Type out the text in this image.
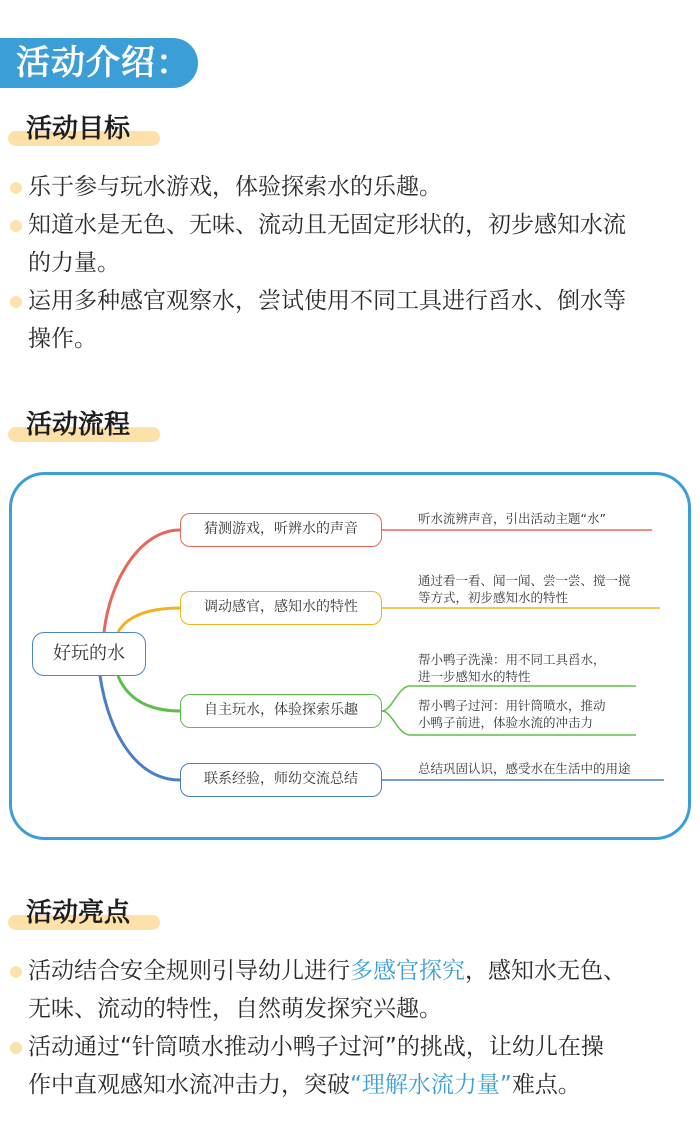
活动介绍：
活动目标
乐于参与玩水游戏，体验探索水的乐趣。
知道水是无色、无味、流动且无固定形状的，初步感知水流
的力量。
运用多种感官观察水，尝试使用不同工具进行舀水、倒水等
操作。
活动流程
好玩的水
猜测游戏，听辨水的声音
调动感官，感知水的特性
自主玩水，体验探索乐趣
联系经验，师幼交流总结
听水流辨声音，引出活动主题“水”
通过看一看、闻一闻、尝一尝、搅一搅
等方式，初步感知水的特性
帮小鸭子洗澡：用不同工具舀水，
进一步感知水的特性
帮小鸭子过河：用针筒喷水，推动
小鸭子前进，体验水流的冲击力
总结巩固认识，感受水在生活中的用途
活动亮点
活动结合安全规则引导幼儿进行多感官探究，感知水无色、
无味、流动的特性，自然萌发探究兴趣。
活动通过“针筒喷水推动小鸭子过河”的挑战，让幼儿在操
作中直观感知水流冲击力，突破“理解水流力量”难点。
